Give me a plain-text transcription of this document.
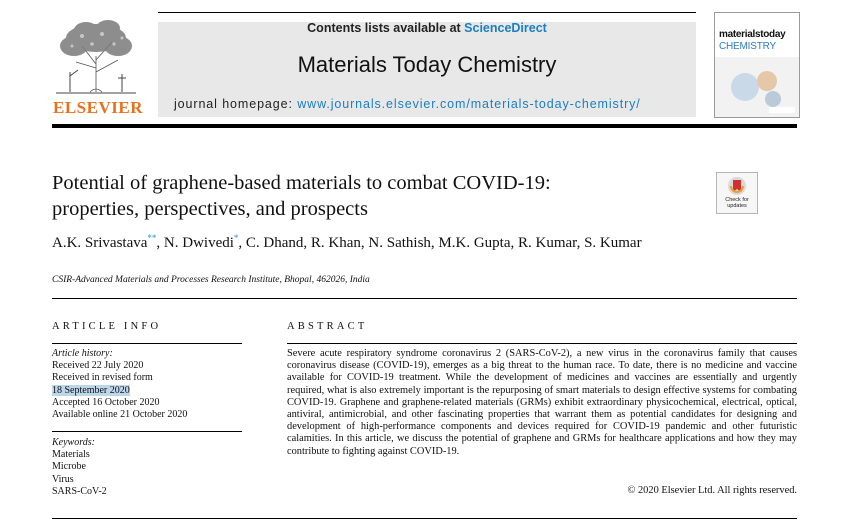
ELSEVIER
Contents lists available at ScienceDirect
Materials Today Chemistry
journal homepage: www.journals.elsevier.com/materials-today-chemistry/
materialstoday
CHEMISTRY
Potential of graphene-based materials to combat COVID-19:
properties, perspectives, and prospects	Check for updates
A.K. Srivastava**, N. Dwivedi*, C. Dhand, R. Khan, N. Sathish, M.K. Gupta, R. Kumar, S. Kumar
CSIR-Advanced Materials and Processes Research Institute, Bhopal, 462026, India
ARTICLE INFO	ABSTRACT
Article history:
Received 22 July 2020
Received in revised form
18 September 2020
Accepted 16 October 2020
Available online 21 October 2020
Keywords:
Materials
Microbe
Virus
SARS-CoV-2
Severe acute respiratory syndrome coronavirus 2 (SARS-CoV-2), a new virus in the coronavirus family that causes coronavirus disease (COVID-19), emerges as a big threat to the human race. To date, there is no medicine and vaccine available for COVID-19 treatment. While the development of medicines and vaccines are essentially and urgently required, what is also extremely important is the repurposing of smart materials to design effective systems for combating COVID-19. Graphene and graphene-related materials (GRMs) exhibit extraordinary physicochemical, electrical, optical, antiviral, antimicrobial, and other fascinating properties that warrant them as potential candidates for designing and development of high-performance components and devices required for COVID-19 pandemic and other futuristic calamities. In this article, we discuss the potential of graphene and GRMs for healthcare applications and how they may contribute to fighting against COVID-19.
© 2020 Elsevier Ltd. All rights reserved.
